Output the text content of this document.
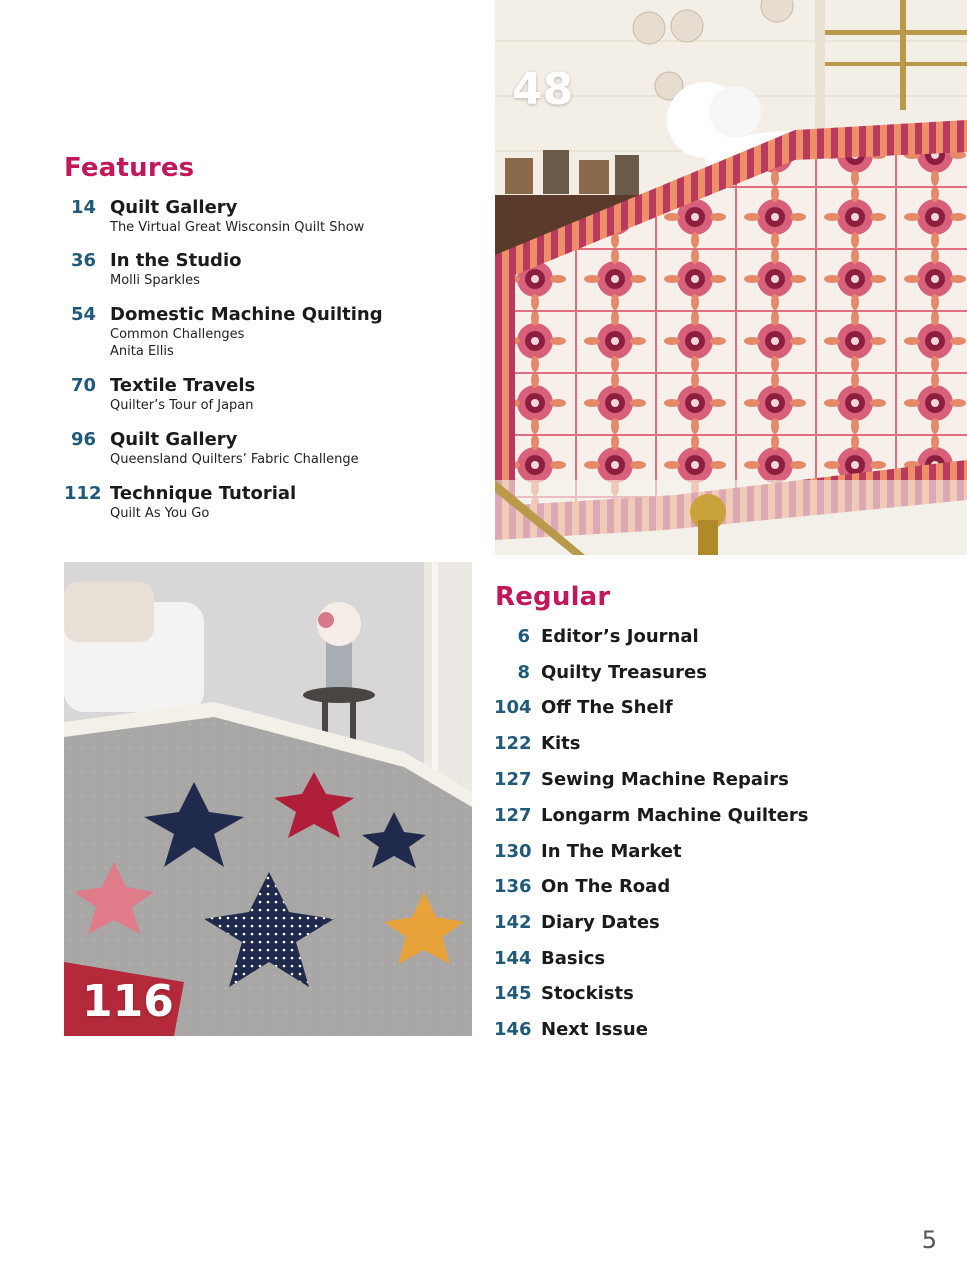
48
Features
14 Quilt Gallery
The Virtual Great Wisconsin Quilt Show
36 In the Studio
Molli Sparkles
54 Domestic Machine Quilting
Common Challenges
Anita Ellis
70 Textile Travels
Quilter’s Tour of Japan
96 Quilt Gallery
Queensland Quilters’ Fabric Challenge
112 Technique Tutorial
Quilt As You Go
116
Regular
6 Editor’s Journal
8 Quilty Treasures
104 Off The Shelf
122 Kits
127 Sewing Machine Repairs
127 Longarm Machine Quilters
130 In The Market
136 On The Road
142 Diary Dates
144 Basics
145 Stockists
146 Next Issue
5
